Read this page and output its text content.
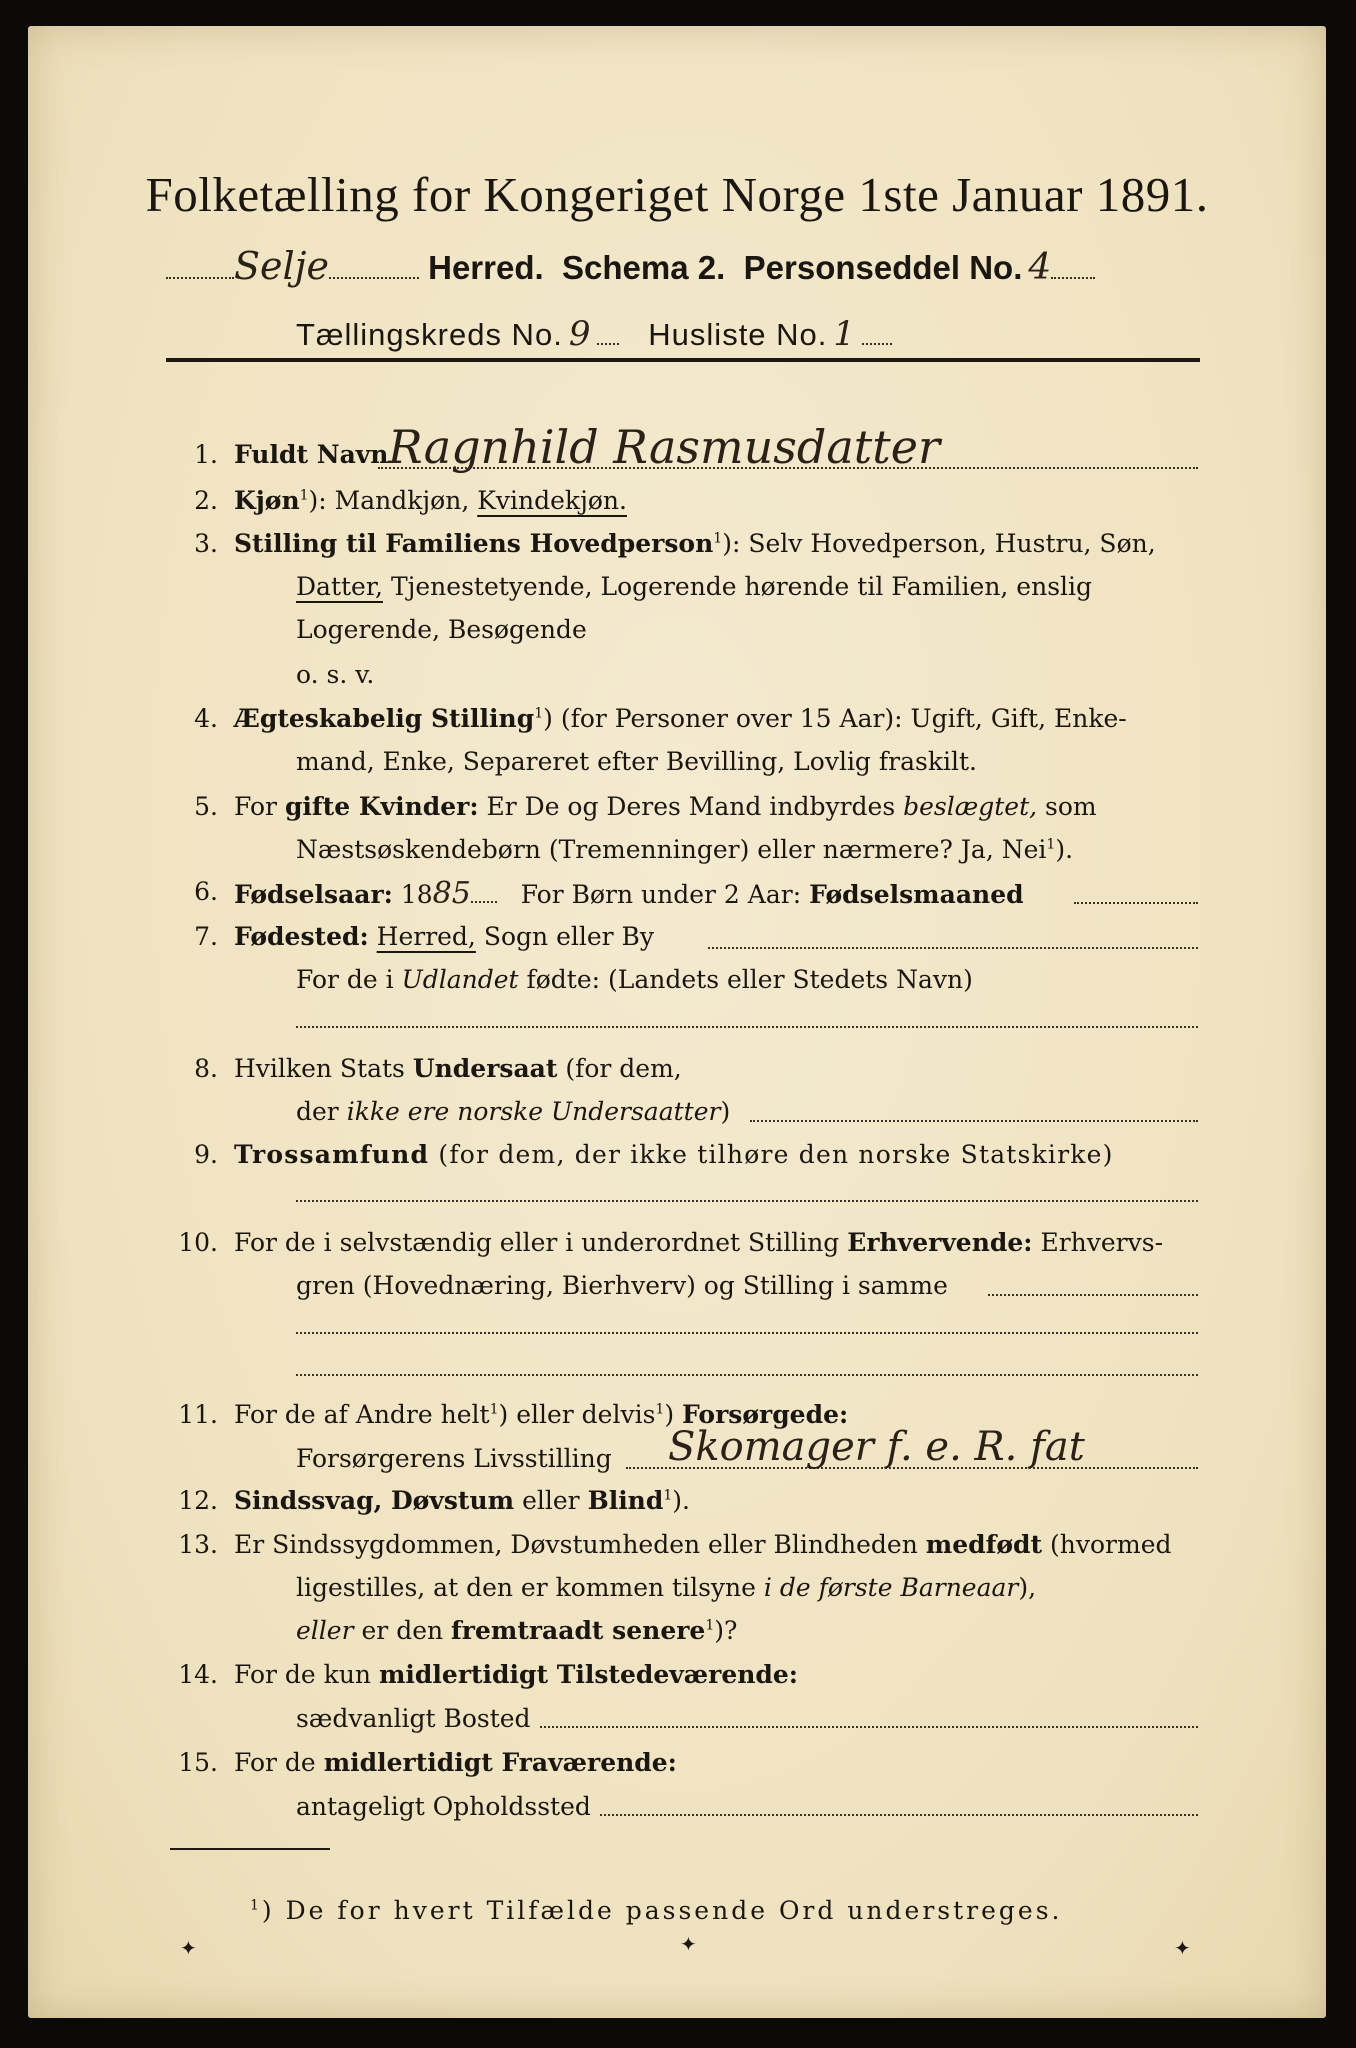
Folketælling for Kongeriget Norge 1ste Januar 1891.
Selje	Herred. Schema 2. Personseddel No. 4
Tællingskreds No. 9 Husliste No. 1
1. Fuldt Navn Ragnhild Rasmusdatter
2. Kjøn$^1$): Mandkjøn, Kvindekjøn.
3. Stilling til Familiens Hovedperson$^1$): Selv Hovedperson, Hustru, Søn,
Datter, Tjenestetyende, Logerende hørende til Familien, enslig
Logerende, Besøgende
o. s. v.
4. Ægteskabelig Stilling$^1$) (for Personer over 15 Aar): Ugift, Gift, Enke-
mand, Enke, Separeret efter Bevilling, Lovlig fraskilt.
5. For gifte Kvinder: Er De og Deres Mand indbyrdes beslægtet, som
Næstsøskendebørn (Tremenninger) eller nærmere? Ja, Nei$^1$).
6. Fødselsaar: 1885 For Børn under 2 Aar: Fødselsmaaned
7. Fødested: Herred, Sogn eller By
For de i Udlandet fødte: (Landets eller Stedets Navn)
8. Hvilken Stats Undersaat (for dem,
der ikke ere norske Undersaatter)
9. Trossamfund (for dem, der ikke tilhøre den norske Statskirke)
10. For de i selvstændig eller i underordnet Stilling Erhvervende: Erhvervs-
gren (Hovednæring, Bierhverv) og Stilling i samme
11. For de af Andre helt$^1$) eller delvis$^1$) Forsørgede:
Forsørgerens Livsstilling Skomager f. e. R. fat
12. Sindssvag, Døvstum eller Blind$^1$).
13. Er Sindssygdommen, Døvstumheden eller Blindheden medfødt (hvormed
ligestilles, at den er kommen tilsyne i de første Barneaar),
eller er den fremtraadt senere$^1$)?
14. For de kun midlertidigt Tilstedeværende:
sædvanligt Bosted
15. For de midlertidigt Fraværende:
antageligt Opholdssted
$^1$) De for hvert Tilfælde passende Ord understreges.
✦	✦	✦
